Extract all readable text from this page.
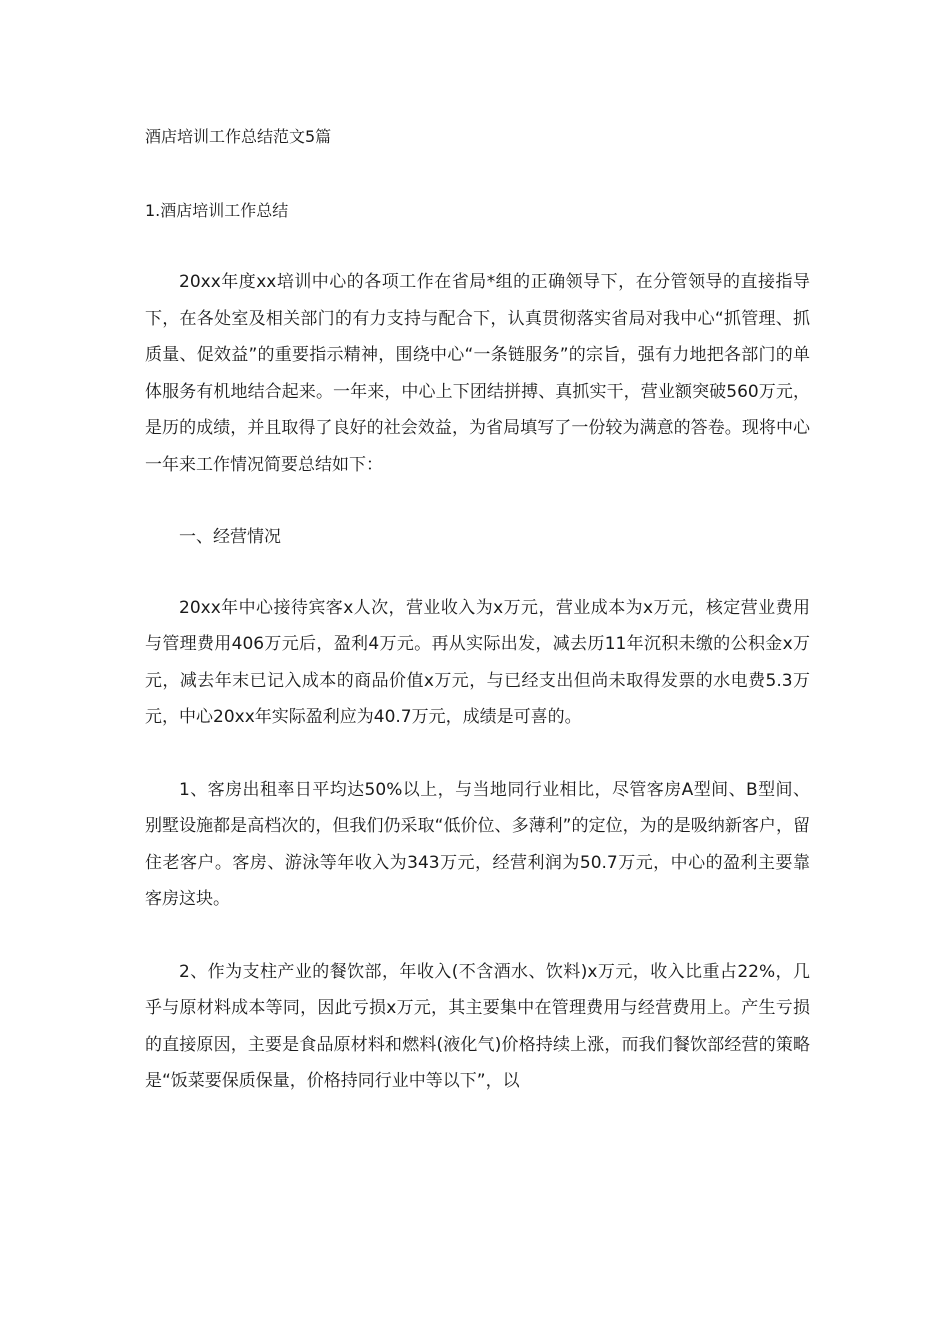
酒店培训工作总结范文5篇
1.酒店培训工作总结

20xx年度xx培训中心的各项工作在省局*组的正确领导下，在分管领导的直接指导下，在各处室及相关部门的有力支持与配合下，认真贯彻落实省局对我中心“抓管理、抓质量、促效益”的重要指示精神，围绕中心“一条链服务”的宗旨，强有力地把各部门的单体服务有机地结合起来。一年来，中心上下团结拼搏、真抓实干，营业额突破560万元，是历的成绩，并且取得了良好的社会效益，为省局填写了一份较为满意的答卷。现将中心一年来工作情况简要总结如下：

一、经营情况

20xx年中心接待宾客x人次，营业收入为x万元，营业成本为x万元，核定营业费用与管理费用406万元后，盈利4万元。再从实际出发，减去历11年沉积未缴的公积金x万元，减去年末已记入成本的商品价值x万元，与已经支出但尚未取得发票的水电费5.3万元，中心20xx年实际盈利应为40.7万元，成绩是可喜的。

1、客房出租率日平均达50%以上，与当地同行业相比，尽管客房A型间、B型间、别墅设施都是高档次的，但我们仍采取“低价位、多薄利”的定位，为的是吸纳新客户，留住老客户。客房、游泳等年收入为343万元，经营利润为50.7万元，中心的盈利主要靠客房这块。

2、作为支柱产业的餐饮部，年收入(不含酒水、饮料)x万元，收入比重占22%，几乎与原材料成本等同，因此亏损x万元，其主要集中在管理费用与经营费用上。产生亏损的直接原因，主要是食品原材料和燃料(液化气)价格持续上涨，而我们餐饮部经营的策略是“饭菜要保质保量，价格持同行业中等以下”，以
